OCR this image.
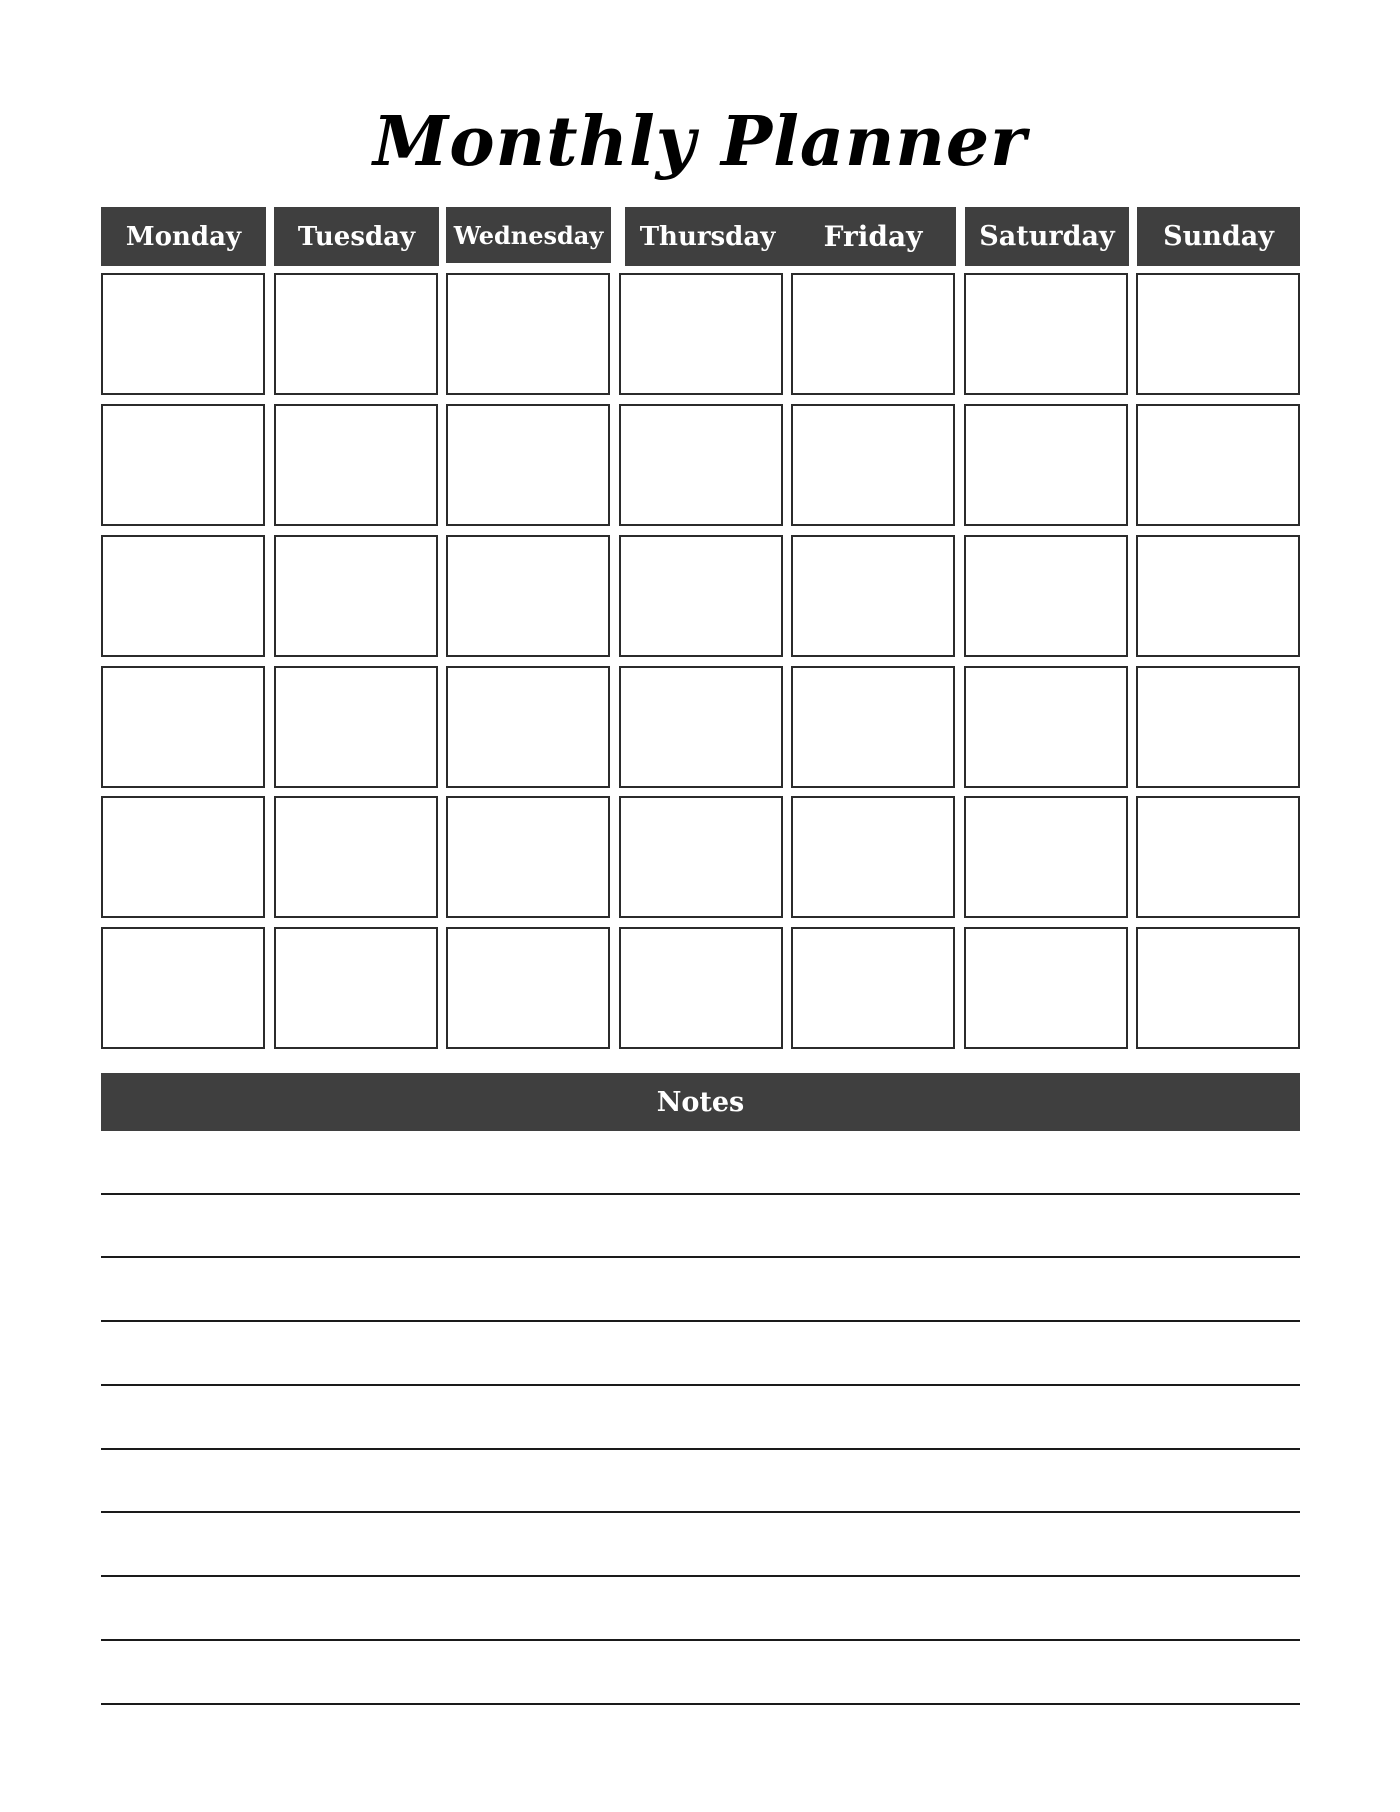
Monthly Planner
Monday	Tuesday	Wednesday	Thursday	Friday	Saturday	Sunday
Notes
